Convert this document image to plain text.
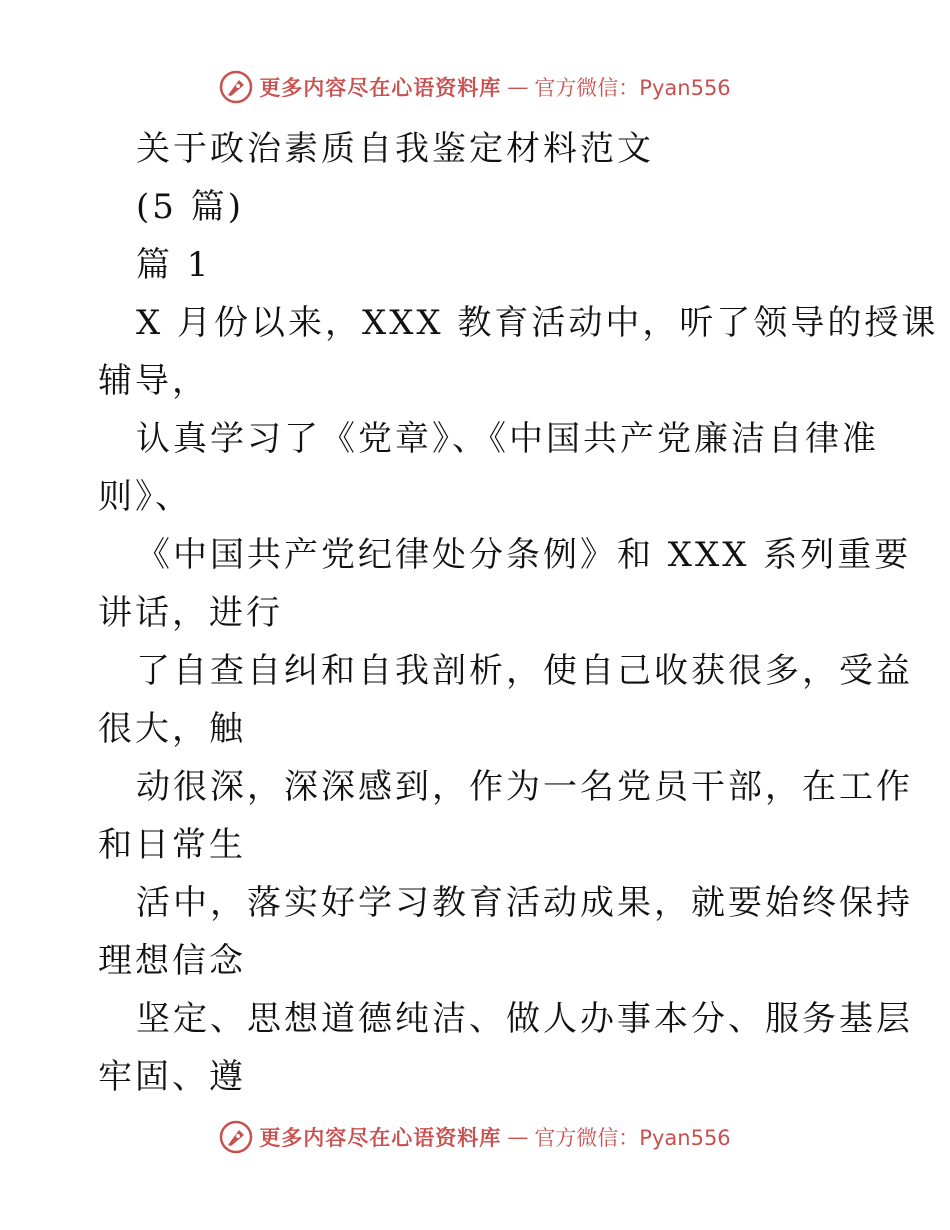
更多内容尽在心语资料库 — 官方微信：Pyan556
关于政治素质自我鉴定材料范文
(5 篇)
篇 1
X 月份以来，XXX 教育活动中，听了领导的授课
辅导，
认真学习了《党章》、《中国共产党廉洁自律准
则》、
《中国共产党纪律处分条例》和 XXX 系列重要
讲话，进行
了自查自纠和自我剖析，使自己收获很多，受益
很大，触
动很深，深深感到，作为一名党员干部，在工作
和日常生
活中，落实好学习教育活动成果，就要始终保持
理想信念
坚定、思想道德纯洁、做人办事本分、服务基层
牢固、遵
更多内容尽在心语资料库 — 官方微信：Pyan556
